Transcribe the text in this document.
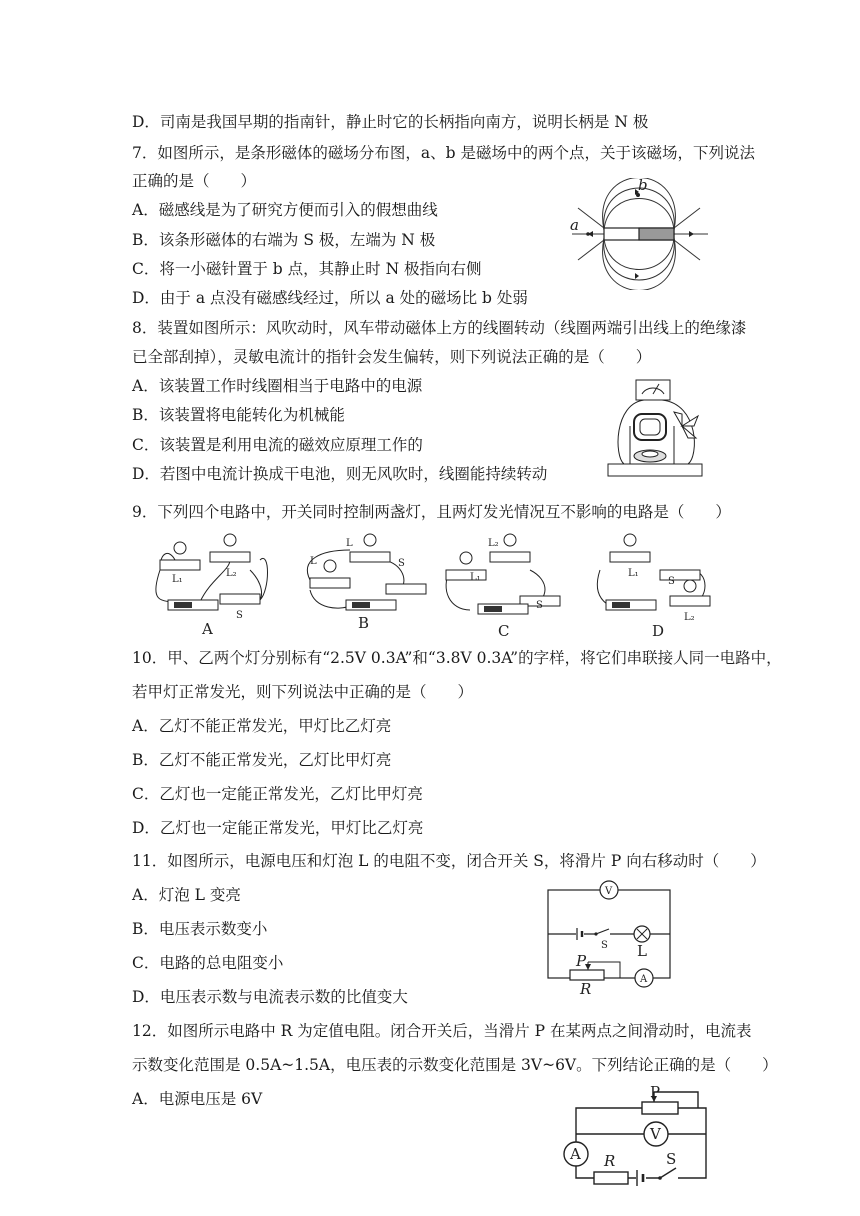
D．司南是我国早期的指南针，静止时它的长柄指向南方，说明长柄是 N 极
7．如图所示，是条形磁体的磁场分布图，a、b 是磁场中的两个点，关于该磁场，下列说法
正确的是（　　）
A．磁感线是为了研究方便而引入的假想曲线
B．该条形磁体的右端为 S 极，左端为 N 极
C．将一小磁针置于 b 点，其静止时 N 极指向右侧
D．由于 a 点没有磁感线经过，所以 a 处的磁场比 b 处弱
8．装置如图所示：风吹动时，风车带动磁体上方的线圈转动（线圈两端引出线上的绝缘漆
已全部刮掉），灵敏电流计的指针会发生偏转，则下列说法正确的是（　　）
A．该装置工作时线圈相当于电路中的电源
B．该装置将电能转化为机械能
C．该装置是利用电流的磁效应原理工作的
D．若图中电流计换成干电池，则无风吹时，线圈能持续转动
9．下列四个电路中，开关同时控制两盏灯，且两灯发光情况互不影响的电路是（　　）
10．甲、乙两个灯分别标有“2.5V 0.3A”和“3.8V 0.3A”的字样，将它们串联接人同一电路中，
若甲灯正常发光，则下列说法中正确的是（　　）
A．乙灯不能正常发光，甲灯比乙灯亮
B．乙灯不能正常发光，乙灯比甲灯亮
C．乙灯也一定能正常发光，乙灯比甲灯亮
D．乙灯也一定能正常发光，甲灯比乙灯亮
11．如图所示，电源电压和灯泡 L 的电阻不变，闭合开关 S，将滑片 P 向右移动时（　　）
A．灯泡 L 变亮
B．电压表示数变小
C．电路的总电阻变小
D．电压表示数与电流表示数的比值变大
12．如图所示电路中 R 为定值电阻。闭合开关后，当滑片 P 在某两点之间滑动时，电流表
示数变化范围是 0.5A~1.5A，电压表的示数变化范围是 3V~6V。下列结论正确的是（　　）
A．电源电压是 6V
b
a
L₁
L₂
S
A
L
L	S
B
L₂
L₁
S
C
L₁
S
L₂
D
V
S L
P
R
A
P
V
A R	S
